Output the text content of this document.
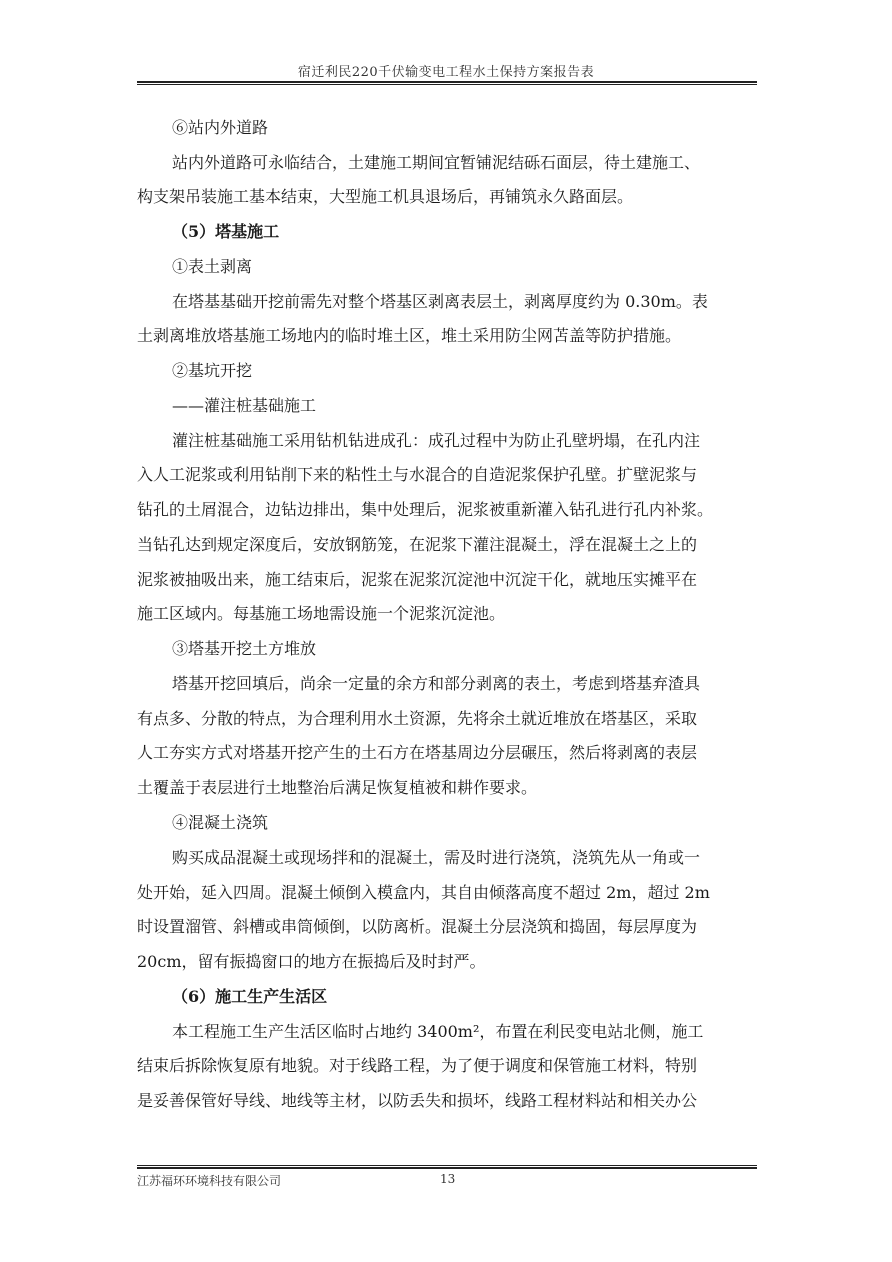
宿迁利民220千伏输变电工程水土保持方案报告表
⑥站内外道路
站内外道路可永临结合，土建施工期间宜暂铺泥结砾石面层，待土建施工、
构支架吊装施工基本结束，大型施工机具退场后，再铺筑永久路面层。
（5）塔基施工
①表土剥离
在塔基基础开挖前需先对整个塔基区剥离表层土，剥离厚度约为 0.30m。表
土剥离堆放塔基施工场地内的临时堆土区，堆土采用防尘网苫盖等防护措施。
②基坑开挖
——灌注桩基础施工
灌注桩基础施工采用钻机钻进成孔：成孔过程中为防止孔壁坍塌，在孔内注
入人工泥浆或利用钻削下来的粘性土与水混合的自造泥浆保护孔壁。扩壁泥浆与
钻孔的土屑混合，边钻边排出，集中处理后，泥浆被重新灌入钻孔进行孔内补浆。
当钻孔达到规定深度后，安放钢筋笼，在泥浆下灌注混凝土，浮在混凝土之上的
泥浆被抽吸出来，施工结束后，泥浆在泥浆沉淀池中沉淀干化，就地压实摊平在
施工区域内。每基施工场地需设施一个泥浆沉淀池。
③塔基开挖土方堆放
塔基开挖回填后，尚余一定量的余方和部分剥离的表土，考虑到塔基弃渣具
有点多、分散的特点，为合理利用水土资源，先将余土就近堆放在塔基区，采取
人工夯实方式对塔基开挖产生的土石方在塔基周边分层碾压，然后将剥离的表层
土覆盖于表层进行土地整治后满足恢复植被和耕作要求。
④混凝土浇筑
购买成品混凝土或现场拌和的混凝土，需及时进行浇筑，浇筑先从一角或一
处开始，延入四周。混凝土倾倒入模盒内，其自由倾落高度不超过 2m，超过 2m
时设置溜管、斜槽或串筒倾倒，以防离析。混凝土分层浇筑和捣固，每层厚度为
20cm，留有振捣窗口的地方在振捣后及时封严。
（6）施工生产生活区
本工程施工生产生活区临时占地约 3400m²，布置在利民变电站北侧，施工
结束后拆除恢复原有地貌。对于线路工程，为了便于调度和保管施工材料，特别
是妥善保管好导线、地线等主材，以防丢失和损坏，线路工程材料站和相关办公
江苏福环环境科技有限公司	13
